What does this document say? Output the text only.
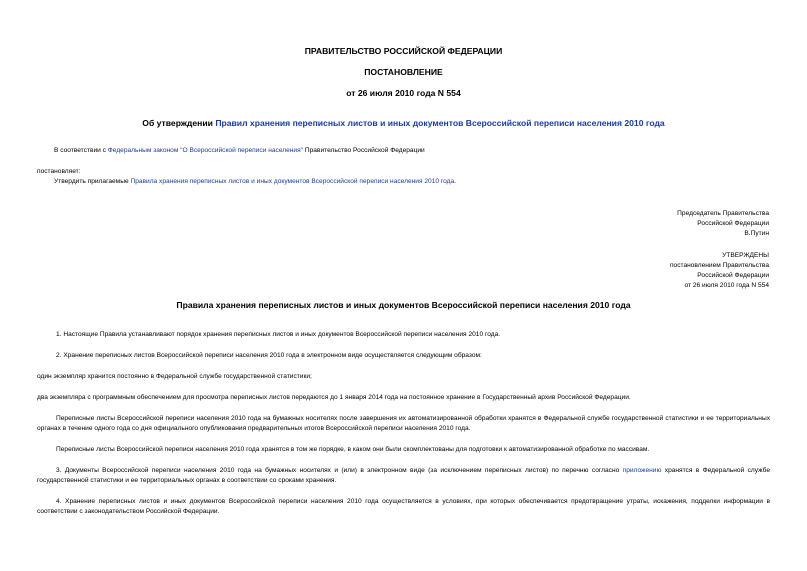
ПРАВИТЕЛЬСТВО РОССИЙСКОЙ ФЕДЕРАЦИИ
ПОСТАНОВЛЕНИЕ
от 26 июля 2010 года N 554
Об утверждении Правил хранения переписных листов и иных документов Всероссийской переписи населения 2010 года
В соответствии с Федеральным законом "О Всероссийской переписи населения" Правительство Российской Федерации
постановляет:
Утвердить прилагаемые Правила хранения переписных листов и иных документов Всероссийской переписи населения 2010 года.
Председатель Правительства
Российской Федерации
В.Путин
УТВЕРЖДЕНЫ
постановлением Правительства
Российской Федерации
от 26 июля 2010 года N 554
Правила хранения переписных листов и иных документов Всероссийской переписи населения 2010 года
1. Настоящие Правила устанавливают порядок хранения переписных листов и иных документов Всероссийской переписи населения 2010 года.
2. Хранение переписных листов Всероссийской переписи населения 2010 года в электронном виде осуществляется следующим образом:
один экземпляр хранится постоянно в Федеральной службе государственной статистики;
два экземпляра с программным обеспечением для просмотра переписных листов передаются до 1 января 2014 года на постоянное хранение в Государственный архив Российской Федерации.
Переписные листы Всероссийской переписи населения 2010 года на бумажных носителях после завершения их автоматизированной обработки хранятся в Федеральной службе государственной статистики и ее территориальных органах в течение одного года со дня официального опубликования предварительных итогов Всероссийской переписи населения 2010 года.
Переписные листы Всероссийской переписи населения 2010 года хранятся в том же порядке, в каком они были скомплектованы для подготовки к автоматизированной обработке по массивам.
3. Документы Всероссийской переписи населения 2010 года на бумажных носителях и (или) в электронном виде (за исключением переписных листов) по перечню согласно приложению хранятся в Федеральной службе государственной статистики и ее территориальных органах в соответствии со сроками хранения.
4. Хранение переписных листов и иных документов Всероссийской переписи населения 2010 года осуществляется в условиях, при которых обеспечивается предотвращение утраты, искажения, подделки информации в соответствии с законодательством Российской Федерации.
